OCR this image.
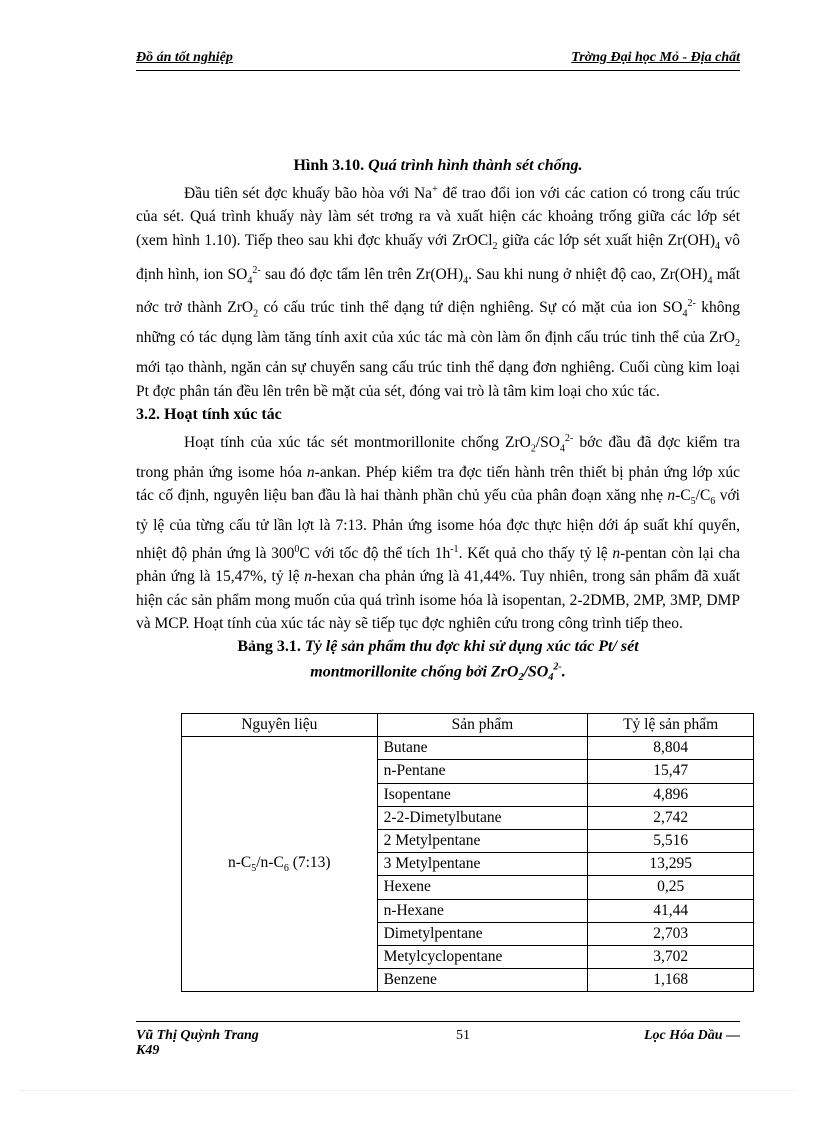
Đồ án tốt nghiệp	Trờng Đại học Mỏ - Địa chất
Hình 3.10. Quá trình hình thành sét chống.

Đầu tiên sét đợc khuấy bão hòa với Na+ để trao đổi ion với các cation có trong cấu trúc của sét. Quá trình khuấy này làm sét trơng ra và xuất hiện các khoảng trống giữa các lớp sét (xem hình 1.10). Tiếp theo sau khi đợc khuấy với ZrOCl$_2$ giữa các lớp sét xuất hiện $Zr(OH)_4$ vô định hình, ion $SO_4^{2-}$ sau đó đợc tẩm lên trên $Zr(OH)_4$. Sau khi nung ở nhiệt độ cao, $Zr(OH)_4$ mất nớc trở thành ZrO$_2$ có cấu trúc tinh thể dạng tứ diện nghiêng. Sự có mặt của ion $SO_4^{2-}$ không những có tác dụng làm tăng tính axit của xúc tác mà còn làm ổn định cấu trúc tinh thể của ZrO$_2$ mới tạo thành, ngăn cản sự chuyển sang cấu trúc tinh thể dạng đơn nghiêng. Cuối cùng kim loại Pt đợc phân tán đều lên trên bề mặt của sét, đóng vai trò là tâm kim loại cho xúc tác.

3.2. Hoạt tính xúc tác

Hoạt tính của xúc tác sét montmorillonite chống $ZrO_2/SO_4^{2-}$ bớc đầu đã đợc kiểm tra trong phản ứng isome hóa n-ankan. Phép kiểm tra đợc tiến hành trên thiết bị phản ứng lớp xúc tác cố định, nguyên liệu ban đầu là hai thành phần chủ yếu của phân đoạn xăng nhẹ $n-C_5/C_6$ với tỷ lệ của từng cấu tử lần lợt là 7:13. Phản ứng isome hóa đợc thực hiện dới áp suất khí quyển, nhiệt độ phản ứng là $300^0C$ với tốc độ thể tích $1h^{-1}$. Kết quả cho thấy tỷ lệ n-pentan còn lại cha phản ứng là 15,47%, tỷ lệ n-hexan cha phản ứng là 41,44%. Tuy nhiên, trong sản phẩm đã xuất hiện các sản phẩm mong muốn của quá trình isome hóa là isopentan, 2-2DMB, 2MP, 3MP, DMP và MCP. Hoạt tính của xúc tác này sẽ tiếp tục đợc nghiên cứu trong công trình tiếp theo.

Bảng 3.1. Tỷ lệ sản phẩm thu đợc khi sử dụng xúc tác Pt/ sét montmorillonite chống bởi $ZrO_2/SO_4^{2-}$.
Nguyên liệu	Sản phẩm	Tỷ lệ sản phẩm
$n-C_5/n-C_6$ (7:13)	Butane	8,804
	n-Pentane	15,47
	Isopentane	4,896
	2-2-Dimetylbutane	2,742
	2 Metylpentane	5,516
	3 Metylpentane	13,295
	Hexene	0,25
	n-Hexane	41,44
	Dimetylpentane	2,703
	Metylcyclopentane	3,702
	Benzene	1,168
Vũ Thị Quỳnh Trang
K49
51	Lọc Hóa Dầu —
